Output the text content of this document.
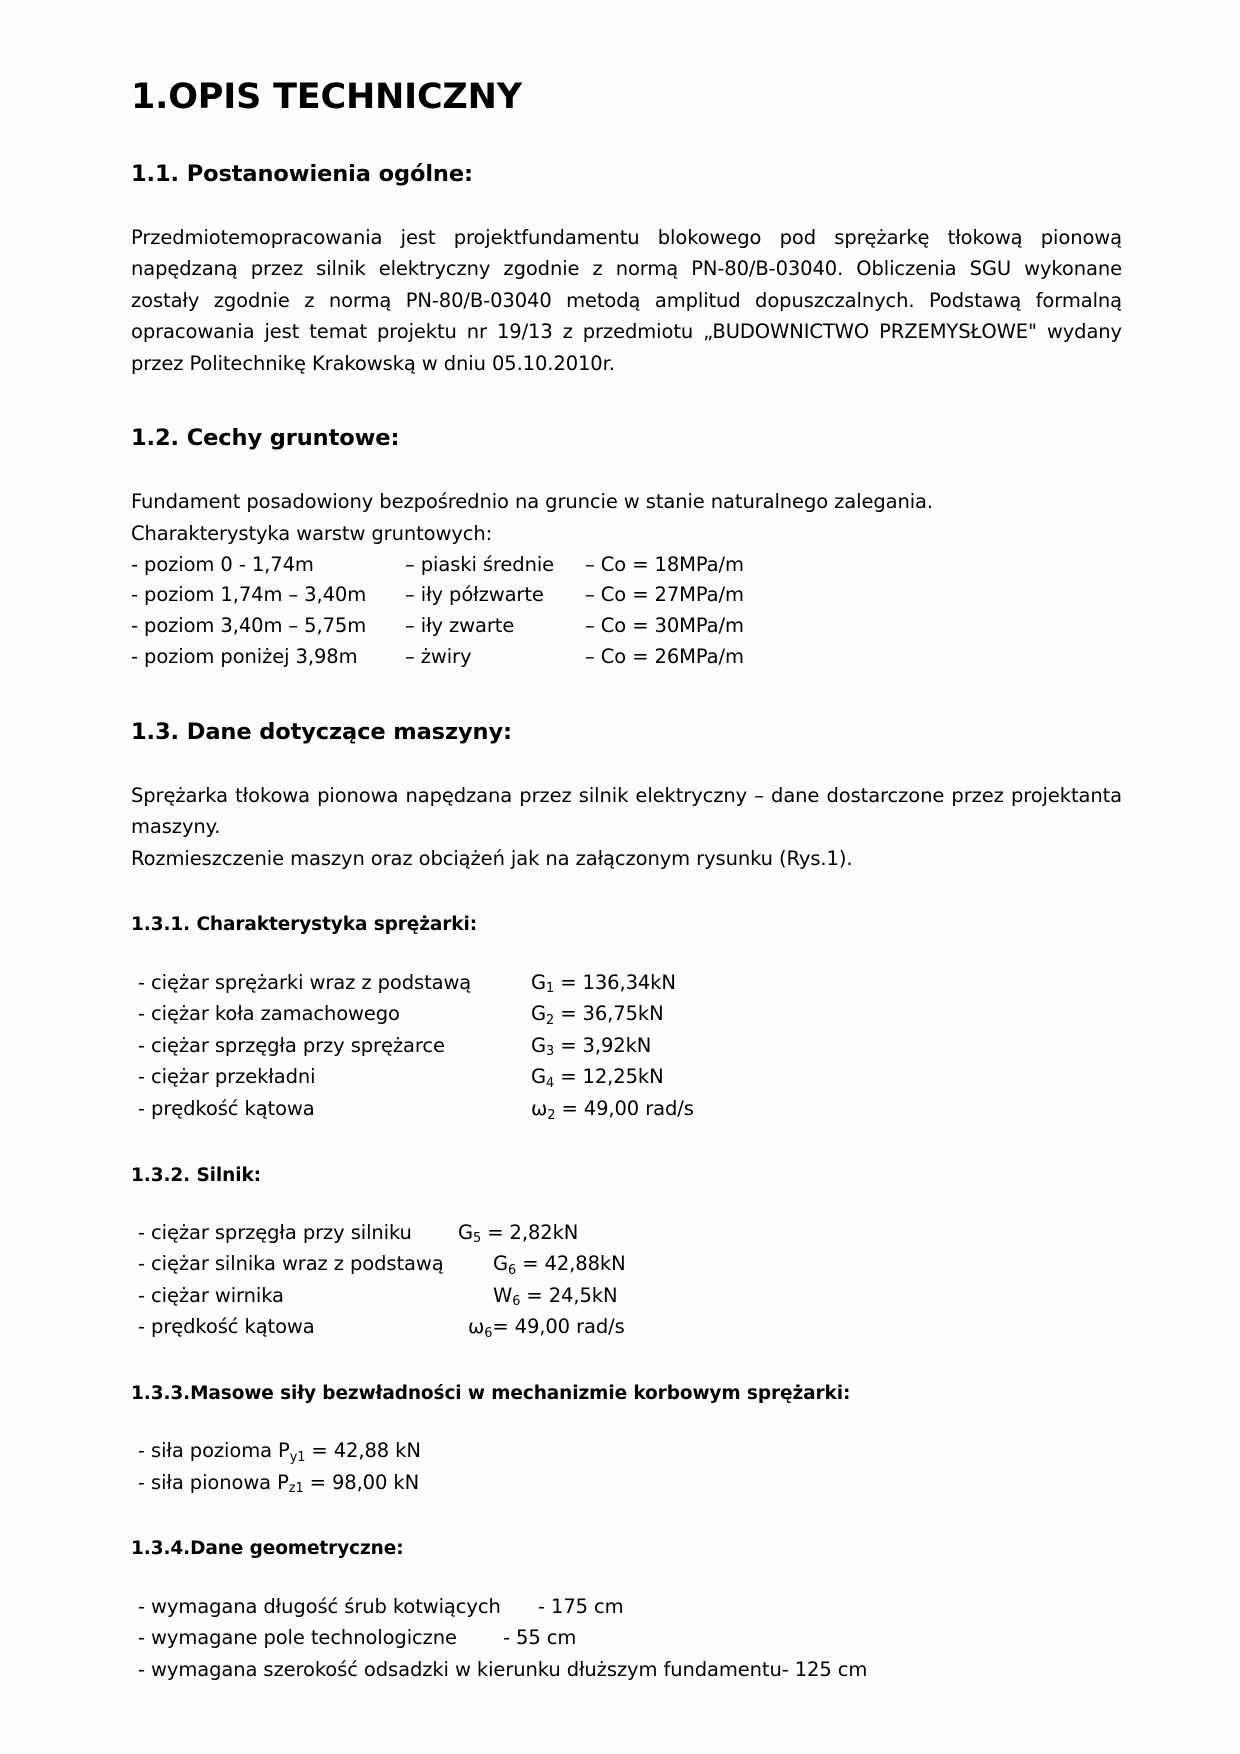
1.OPIS TECHNICZNY
1.1. Postanowienia ogólne:

Przedmiotemopracowania jest projektfundamentu blokowego pod sprężarkę tłokową pionową napędzaną przez silnik elektryczny zgodnie z normą PN-80/B-03040. Obliczenia SGU wykonane zostały zgodnie z normą PN-80/B-03040 metodą amplitud dopuszczalnych. Podstawą formalną opracowania jest temat projektu nr 19/13 z przedmiotu „BUDOWNICTWO PRZEMYSŁOWE" wydany przez Politechnikę Krakowską w dniu 05.10.2010r.

1.2. Cechy gruntowe:
Fundament posadowiony bezpośrednio na gruncie w stanie naturalnego zalegania.
Charakterystyka warstw gruntowych:
- poziom 0 - 1,74m	– piaski średnie	– Co = 18MPa/m
- poziom 1,74m – 3,40m	– iły półzwarte	– Co = 27MPa/m
- poziom 3,40m – 5,75m	– iły zwarte	– Co = 30MPa/m
- poziom poniżej 3,98m	– żwiry	– Co = 26MPa/m
1.3. Dane dotyczące maszyny:

Sprężarka tłokowa pionowa napędzana przez silnik elektryczny – dane dostarczone przez projektanta maszyny.

Rozmieszczenie maszyn oraz obciążeń jak na załączonym rysunku (Rys.1).
1.3.1. Charakterystyka sprężarki:
- ciężar sprężarki wraz z podstawą	$G_1 = 136,34kN$
- ciężar koła zamachowego	$G_2 = 36,75kN$
- ciężar sprzęgła przy sprężarce	$G_3 = 3,92kN$
- ciężar przekładni	$G_4 = 12,25kN$
- prędkość kątowa	$\omega_2 = 49,00$ rad/s
1.3.2. Silnik:
- ciężar sprzęgła przy silniku	$G_5 = 2,82kN$
- ciężar silnika wraz z podstawą	$G_6 = 42,88kN$
- ciężar wirnika	$W_6 = 24,5kN$
- prędkość kątowa	$\omega_6= 49,00$ rad/s
1.3.3.Masowe siły bezwładności w mechanizmie korbowym sprężarki:
- siła pozioma $P_{y1} = 42,88$ kN
- siła pionowa $P_{z1} = 98,00$ kN
1.3.4.Dane geometryczne:
- wymagana długość śrub kotwiących	- 175 cm
- wymagane pole technologiczne	- 55 cm
- wymagana szerokość odsadzki w kierunku dłuższym fundamentu- 125 cm
